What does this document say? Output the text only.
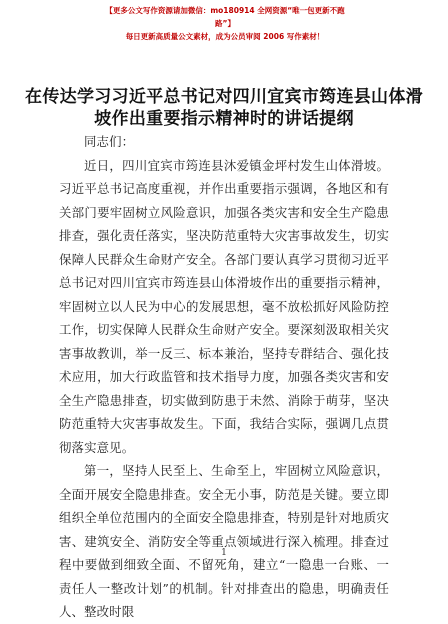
【更多公文写作资源请加微信：mo180914 全网资源“唯一包更新不跑路”】
每日更新高质量公文素材，成为公员审阅 2006 写作素材！
在传达学习习近平总书记对四川宜宾市筠连县山体滑坡作出重要指示精神时的讲话提纲

同志们：

近日，四川宜宾市筠连县沐爱镇金坪村发生山体滑坡。习近平总书记高度重视，并作出重要指示强调，各地区和有关部门要牢固树立风险意识，加强各类灾害和安全生产隐患排查，强化责任落实，坚决防范重特大灾害事故发生，切实保障人民群众生命财产安全。各部门要认真学习贯彻习近平总书记对四川宜宾市筠连县山体滑坡作出的重要指示精神，牢固树立以人民为中心的发展思想，毫不放松抓好风险防控工作，切实保障人民群众生命财产安全。要深刻汲取相关灾害事故教训，举一反三、标本兼治，坚持专群结合、强化技术应用，加大行政监管和技术指导力度，加强各类灾害和安全生产隐患排查，切实做到防患于未然、消除于萌芽，坚决防范重特大灾害事故发生。下面，我结合实际，强调几点贯彻落实意见。

第一，坚持人民至上、生命至上，牢固树立风险意识，全面开展安全隐患排查。安全无小事，防范是关键。要立即组织全单位范围内的全面安全隐患排查，特别是针对地质灾害、建筑安全、消防安全等重点领域进行深入梳理。排查过程中要做到细致全面、不留死角，建立“一隐患一台账、一责任人一整改计划”的机制。针对排查出的隐患，明确责任人、整改时限

1
